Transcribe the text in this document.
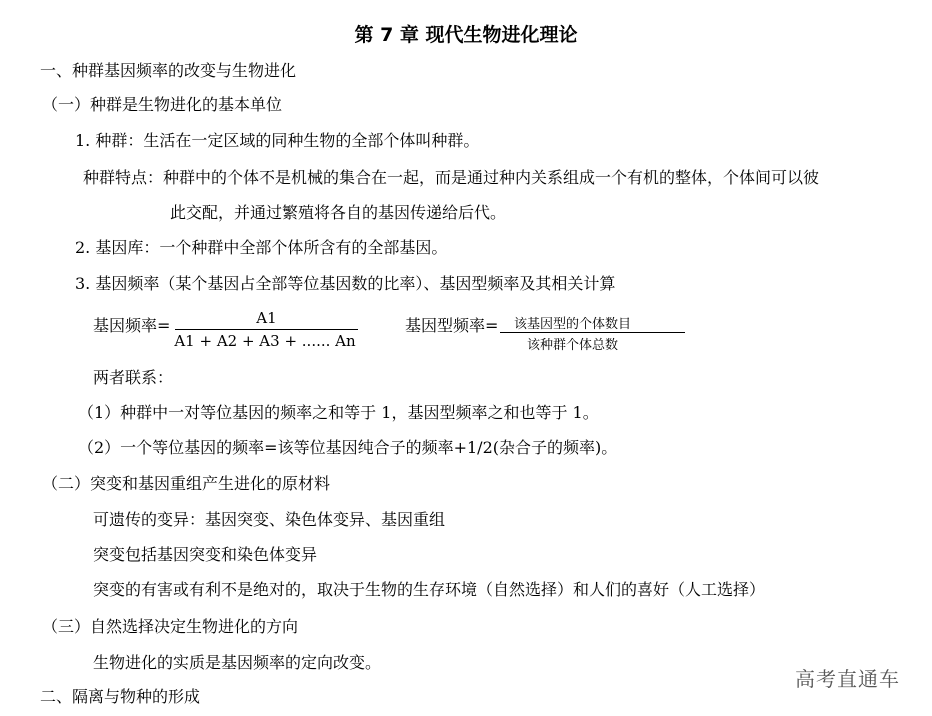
第 7 章 现代生物进化理论
一、种群基因频率的改变与生物进化
（一）种群是生物进化的基本单位
1. 种群：生活在一定区域的同种生物的全部个体叫种群。
种群特点：种群中的个体不是机械的集合在一起，而是通过种内关系组成一个有机的整体，个体间可以彼
此交配，并通过繁殖将各自的基因传递给后代。
2. 基因库：一个种群中全部个体所含有的全部基因。
3. 基因频率（某个基因占全部等位基因数的比率）、基因型频率及其相关计算
基因频率=	A1
A1 + A2 + A3 + ...... An
基因型频率=	该基因型的个体数目
该种群个体总数
两者联系：
（1）种群中一对等位基因的频率之和等于 1，基因型频率之和也等于 1。
（2）一个等位基因的频率=该等位基因纯合子的频率+1/2(杂合子的频率)。
（二）突变和基因重组产生进化的原材料
可遗传的变异：基因突变、染色体变异、基因重组
突变包括基因突变和染色体变异
突变的有害或有利不是绝对的，取决于生物的生存环境（自然选择）和人们的喜好（人工选择）
（三）自然选择决定生物进化的方向
生物进化的实质是基因频率的定向改变。
二、隔离与物种的形成
高考直通车
